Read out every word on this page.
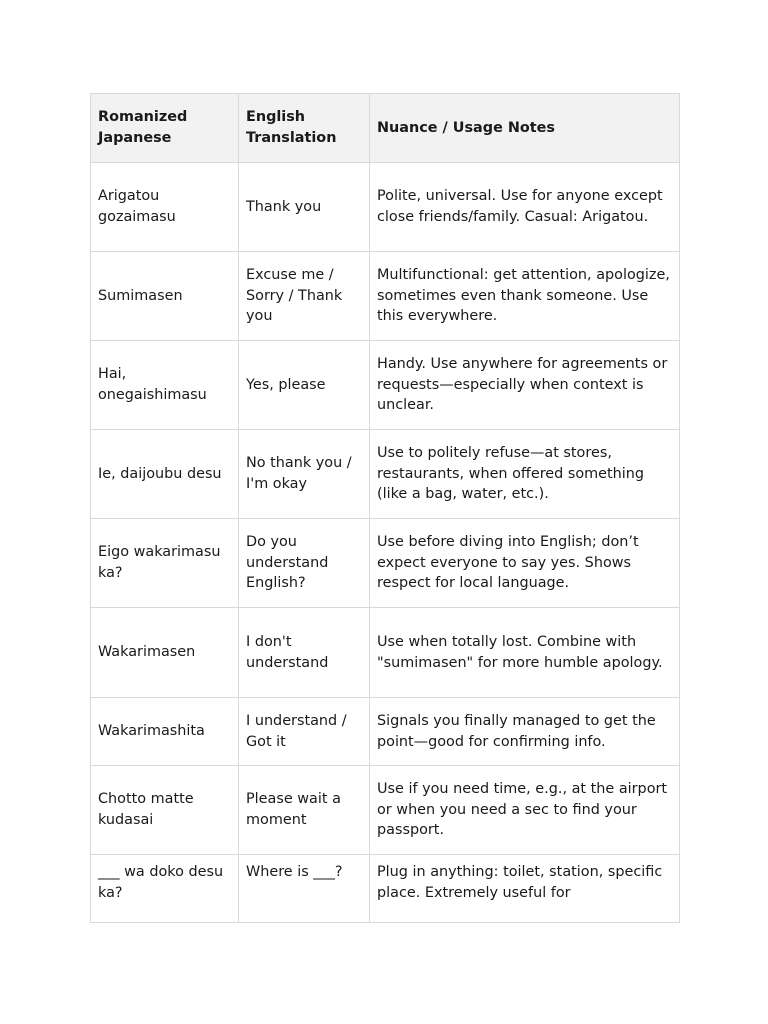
Romanized Japanese	English Translation	Nuance / Usage Notes
Arigatou gozaimasu	Thank you	Polite, universal. Use for anyone except close friends/family. Casual: Arigatou.
Sumimasen	Excuse me / Sorry / Thank you	Multifunctional: get attention, apologize, sometimes even thank someone. Use this everywhere.
Hai, onegaishimasu	Yes, please	Handy. Use anywhere for agreements or requests—especially when context is unclear.
Ie, daijoubu desu	No thank you / I'm okay	Use to politely refuse—at stores, restaurants, when offered something (like a bag, water, etc.).
Eigo wakarimasu ka?	Do you understand English?	Use before diving into English; don’t expect everyone to say yes. Shows respect for local language.
Wakarimasen	I don't understand	Use when totally lost. Combine with "sumimasen" for more humble apology.
Wakarimashita	I understand / Got it	Signals you finally managed to get the point—good for confirming info.
Chotto matte kudasai	Please wait a moment	Use if you need time, e.g., at the airport or when you need a sec to find your passport.
___ wa doko desu ka?	Where is ___?	Plug in anything: toilet, station, specific place. Extremely useful for
